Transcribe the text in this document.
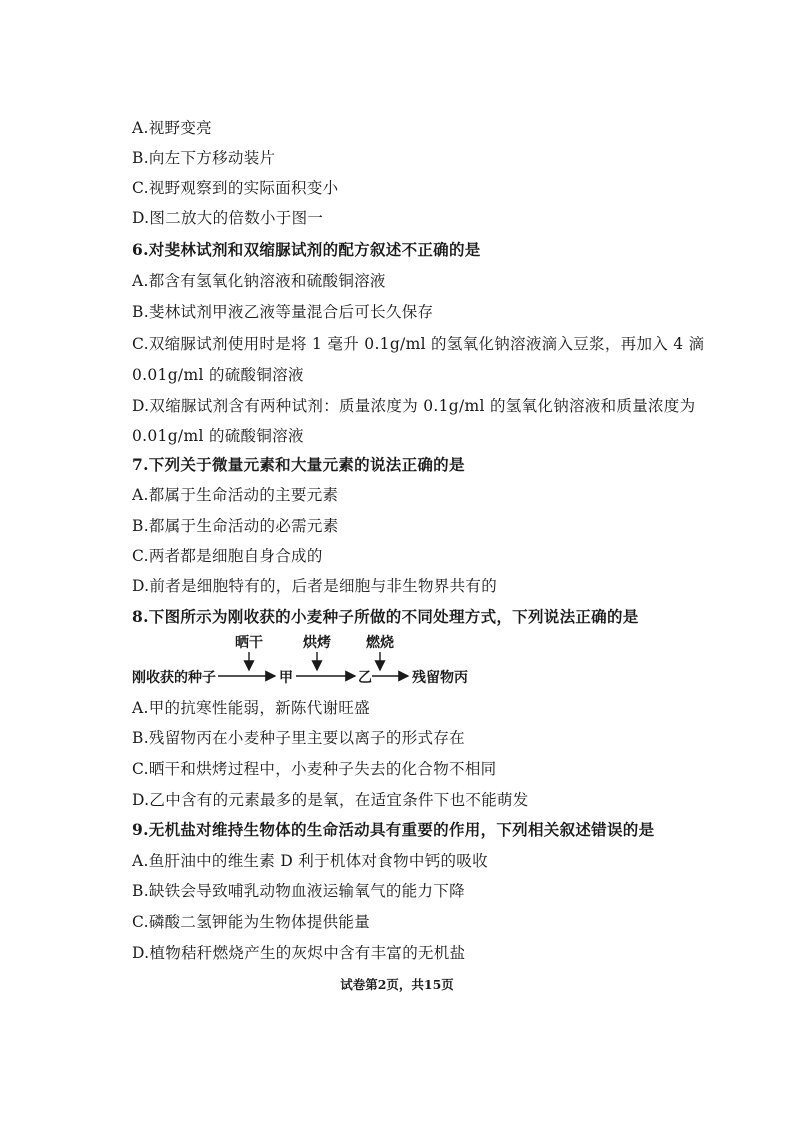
A.视野变亮
B.向左下方移动装片
C.视野观察到的实际面积变小
D.图二放大的倍数小于图一
6.对斐林试剂和双缩脲试剂的配方叙述不正确的是
A.都含有氢氧化钠溶液和硫酸铜溶液
B.斐林试剂甲液乙液等量混合后可长久保存
C.双缩脲试剂使用时是将 1 毫升 0.1g/ml 的氢氧化钠溶液滴入豆浆，再加入 4 滴
0.01g/ml 的硫酸铜溶液
D.双缩脲试剂含有两种试剂：质量浓度为 0.1g/ml 的氢氧化钠溶液和质量浓度为
0.01g/ml 的硫酸铜溶液
7.下列关于微量元素和大量元素的说法正确的是
A.都属于生命活动的主要元素
B.都属于生命活动的必需元素
C.两者都是细胞自身合成的
D.前者是细胞特有的，后者是细胞与非生物界共有的
8.下图所示为刚收获的小麦种子所做的不同处理方式，下列说法正确的是
晒干	烘烤	燃烧
刚收获的种子	甲	乙	残留物丙
A.甲的抗寒性能弱，新陈代谢旺盛
B.残留物丙在小麦种子里主要以离子的形式存在
C.晒干和烘烤过程中，小麦种子失去的化合物不相同
D.乙中含有的元素最多的是氧，在适宜条件下也不能萌发
9.无机盐对维持生物体的生命活动具有重要的作用，下列相关叙述错误的是
A.鱼肝油中的维生素 D 利于机体对食物中钙的吸收
B.缺铁会导致哺乳动物血液运输氧气的能力下降
C.磷酸二氢钾能为生物体提供能量
D.植物秸秆燃烧产生的灰烬中含有丰富的无机盐
试卷第2页，共15页
